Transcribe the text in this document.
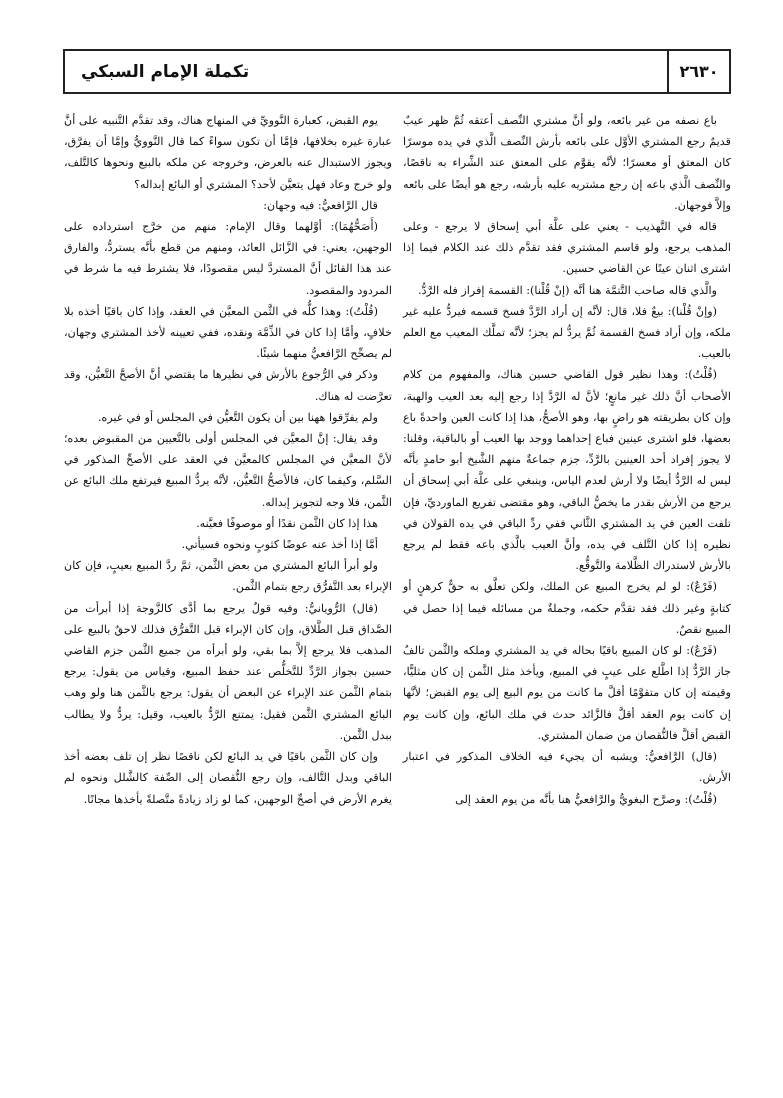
٢٦٣٠
تكملة الإمام السبكي

باع نصفه من غير بائعه، ولو أنَّ مشتري النِّصف أعتقه ثُمَّ ظهر عيبٌ قديمٌ رجع المشتري الأوَّل على بائعه بأرش النِّصف الَّذي في يده موسرًا كان المعتق أو معسرًا؛ لأنَّه يقوَّم على المعتق عند الشِّراء به ناقصًا، والنِّصف الَّذي باعه إن رجع مشتريه عليه بأرشه، رجع هو أيضًا على بائعه وإلاَّ فوجهان.

قاله في التَّهذيب - يعني على علَّة أبي إسحاق لا يرجع - وعلى المذهب يرجع، ولو قاسم المشتري فقد تقدَّم ذلك عند الكلام فيما إذا اشترى اثنان عينًا عن القاضي حسين.

والَّذي قاله صاحب التَّتمَّة هنا أنَّه (إنْ قُلْنا): القسمة إفراز فله الرَّدُّ.

(وإنْ قُلْنا): بيعٌ فلا، قال: لأنَّه إن أراد الرَّدَّ فسخ قسمه فيردُّ عليه غير ملكه، وإن أراد فسخ القسمة ثُمَّ يردُّ لم يجز؛ لأنَّه تملَّك المعيب مع العلم بالعيب.

(قُلْتُ): وهذا نظير قول القاضي حسين هناك، والمفهوم من كلام الأصحاب أنَّ ذلك غير مانعٍ؛ لأنَّ له الرَّدَّ إذا رجع إليه بعد العيب والهبة، وإن كان بطريقته هو راضٍ بها، وهو الأصحُّ، هذا إذا كانت العين واحدةً باع بعضها، فلو اشترى عينين فباع إحداهما ووجد بها العيب أو بالباقية، وقلنا: لا يجوز إفراد أحد العينين بالرَّدِّ، جزم جماعةٌ منهم الشَّيخ أبو حامدٍ بأنَّه ليس له الرَّدُّ أيضًا ولا أرش لعدم الياس، وينبغي على علَّة أبي إسحاق أن يرجع من الأرش بقدر ما يخصُّ الباقي، وهو مقتضى تفريع الماورديِّ، فإن تلفت العين في يد المشتري الثَّاني ففي ردِّ الباقي في يده القولان في نظيره إذا كان التَّلف في يده، وأنَّ العيب بالَّذي باعه فقط لم يرجع بالأرش لاستدراك الظَّلامة والتَّوقُّع.

(فَرْعٌ): لو لم يخرج المبيع عن الملك، ولكن تعلَّق به حقٌّ كرهنٍ أو كتابةٍ وغير ذلك فقد تقدَّم حكمه، وجملةٌ من مسائله فيما إذا حصل في المبيع نقصٌ.

(فَرْعٌ): لو كان المبيع باقيًا بحاله في يد المشتري وملكه والثَّمن تالفٌ جاز الرَّدُّ إذا اطَّلع على عيبٍ في المبيع، ويأخذ مثل الثَّمن إن كان مثليًّا، وقيمته إن كان متقوَّمًا أقلَّ ما كانت من يوم البيع إلى يوم القبض؛ لأنَّها إن كانت يوم العقد أقلَّ فالزَّائد حدث في ملك البائع، وإن كانت يوم القبض أقلَّ فالنُّقصان من ضمان المشتري.

(قال) الرَّافعيُّ: ويشبه أن يجيء فيه الخلاف المذكور في اعتبار الأرش.

(قُلْتُ): وصرَّح البغويُّ والرَّافعيُّ هنا بأنَّه من يوم العقد إلى

يوم القبض، كعبارة النَّوويِّ في المنهاج هناك، وقد تقدَّم التَّنبيه على أنَّ عبارة غيره بخلافها، فإمَّا أن تكون سواءً كما قال النَّوويُّ وإمَّا أن يفرَّق، ويجوز الاستبدال عنه بالعرض، وخروجه عن ملكه بالبيع ونحوها كالتَّلف، ولو خرج وعاد فهل يتعيَّن لأحد؟ المشتري أو البائع إبداله؟

قال الرَّافعيُّ: فيه وجهان:

(أَصَحُّهُمَا): أوَّلهما وقال الإمام: منهم من خرَّج استرداده على الوجهين، يعني: في الزَّائل العائد، ومنهم من قطع بأنَّه يستردُّ، والفارق عند هذا القائل أنَّ المستردَّ ليس مقصودًا، فلا يشترط فيه ما شرط في المردود والمقصود.

(قُلْتُ): وهذا كلُّه في الثَّمن المعيَّن في العقد، وإذا كان باقيًا أخذه بلا خلافٍ، وأمَّا إذا كان في الذِّمَّة ونقده، ففي تعيينه لأخذ المشتري وجهان، لم يصحِّح الرَّافعيُّ منهما شيئًا.

وذكر في الرُّجوع بالأرش في نظيرها ما يقتضي أنَّ الأصحَّ التَّعيُّن، وقد تعرَّضت له هناك.

ولم يفرِّقوا ههنا بين أن يكون التَّعيُّن في المجلس أو في غيره.

وقد يقال: إنَّ المعيَّن في المجلس أولى بالتَّعيين من المقبوض بعده؛ لأنَّ المعيَّن في المجلس كالمعيَّن في العقد على الأصحِّ المذكور في السَّلم، وكيفما كان، فالأصحُّ التَّعيُّن، لأنَّه يردُّ المبيع فيرتفع ملك البائع عن الثَّمن، فلا وجه لتجويز إبداله.

هذا إذا كان الثَّمن نقدًا أو موصوفًا فعيَّنه.

أمَّا إذا أخذ عنه عوضًا كثوبٍ ونحوه فسيأتي.

ولو أبرأ البائع المشتري من بعض الثَّمن، ثمَّ ردَّ المبيع بعيبٍ، فإن كان الإبراء بعد التَّفرُّق رجع بتمام الثَّمن.

(قال) الرُّويانيُّ: وفيه قولٌ يرجع بما أدَّى كالزَّوجة إذا أبرأت من الصَّداق قبل الطَّلاق، وإن كان الإبراء قبل التَّفرُّق فذلك لاحقٌ بالبيع على المذهب فلا يرجع إلاَّ بما بقي، ولو أبرأه من جميع الثَّمن جزم القاضي حسين بجواز الرَّدِّ للتَّخلُّص عند حفظ المبيع، وقياس من يقول: يرجع بتمام الثَّمن عند الإبراء عن البعض أن يقول: يرجع بالثَّمن هنا ولو وهب البائع المشتري الثَّمن فقيل: يمتنع الرَّدُّ بالعيب، وقيل: يردُّ ولا يطالب ببدل الثَّمن.

وإن كان الثَّمن باقيًا في يد البائع لكن ناقصًا نظر إن تلف بعضه أخذ الباقي وبدل التَّالف، وإن رجع النُّقصان إلى الصِّفة كالشَّلل ونحوه لم يغرم الأرض في أصحِّ الوجهين، كما لو زاد زيادةً متَّصلةً يأخذها مجانًا.
